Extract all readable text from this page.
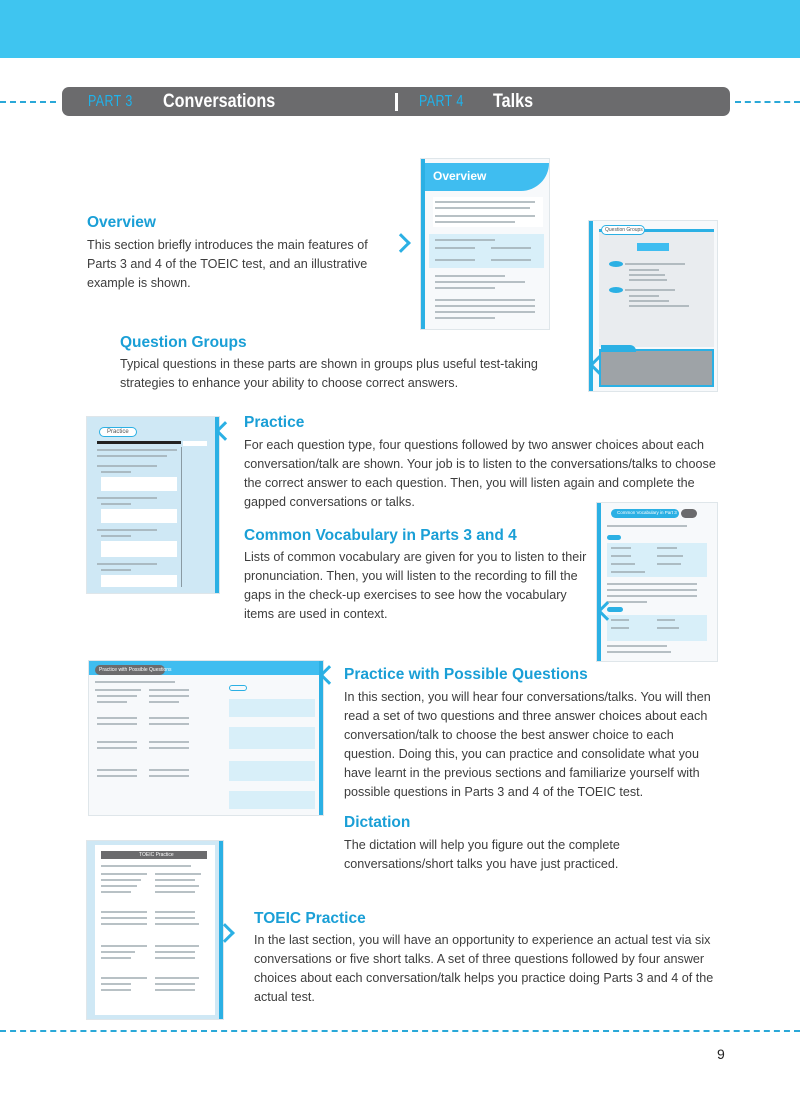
PART 3 Conversations	PART 4 Talks
Overview
Question Groups
Overview
This section briefly introduces the main features of Parts 3 and 4 of the TOEIC test, and an illustrative example is shown.
Question Groups
Typical questions in these parts are shown in groups plus useful test-taking strategies to enhance your ability to choose correct answers.
Practice
Practice
For each question type, four questions followed by two answer choices about each conversation/talk are shown. Your job is to listen to the conversations/talks to choose the correct answer to each question. Then, you will listen again and complete the gapped conversations or talks.
Common Vocabulary in Parts 3 and 4
Lists of common vocabulary are given for you to listen to their pronunciation. Then, you will listen to the recording to fill the gaps in the check-up exercises to see how the vocabulary items are used in context.
Common Vocabulary in Part 3
Practice with Possible Questions	Practice with Possible Questions
In this section, you will hear four conversations/talks. You will then read a set of two questions and three answer choices about each conversation/talk to choose the best answer choice to each question. Doing this, you can practice and consolidate what you have learnt in the previous sections and familiarize yourself with possible questions in Parts 3 and 4 of the TOEIC test.
Dictation
The dictation will help you figure out the complete conversations/short talks you have just practiced.
TOEIC Practice
TOEIC Practice
In the last section, you will have an opportunity to experience an actual test via six conversations or five short talks. A set of three questions followed by four answer choices about each conversation/talk helps you practice doing Parts 3 and 4 of the actual test.
9
